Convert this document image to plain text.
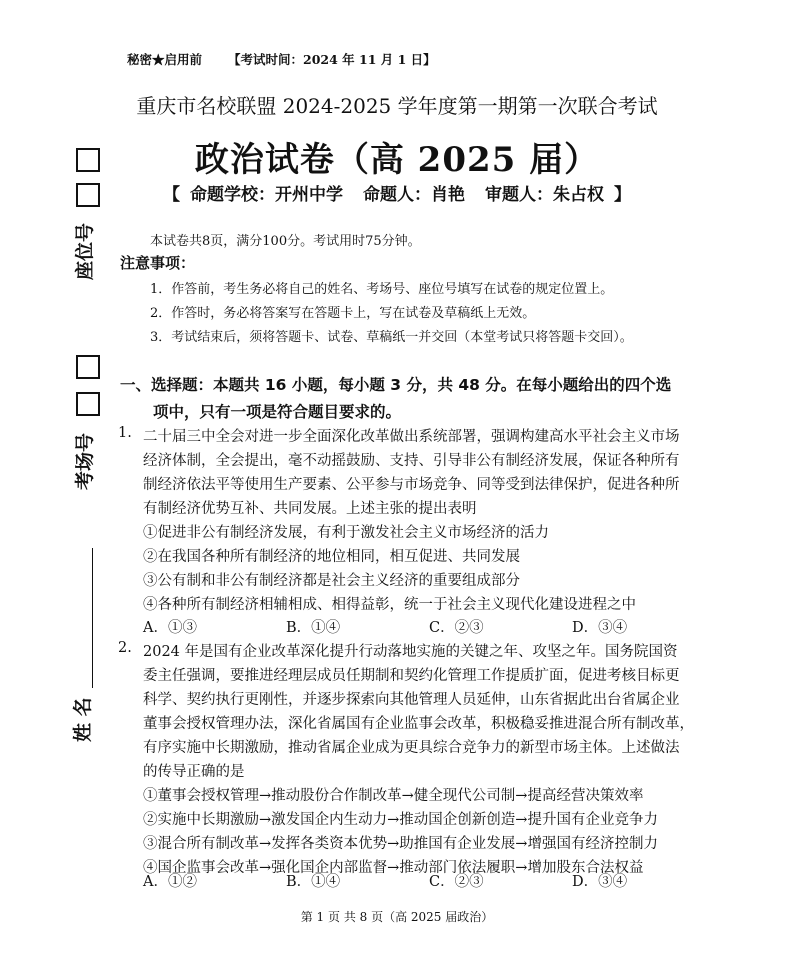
秘密★启用前 【考试时间：2024 年 11 月 1 日】
重庆市名校联盟 2024-2025 学年度第一期第一次联合考试
政治试卷（高 2025 届）
【 命题学校：开州中学 命题人：肖艳 审题人：朱占权 】
本试卷共8页，满分100分。考试用时75分钟。
注意事项：
1．作答前，考生务必将自己的姓名、考场号、座位号填写在试卷的规定位置上。
2．作答时，务必将答案写在答题卡上，写在试卷及草稿纸上无效。
3．考试结束后，须将答题卡、试卷、草稿纸一并交回（本堂考试只将答题卡交回）。
一、选择题：本题共 16 小题，每小题 3 分，共 48 分。在每小题给出的四个选
项中，只有一项是符合题目要求的。
1. 二十届三中全会对进一步全面深化改革做出系统部署，强调构建高水平社会主义市场
经济体制，全会提出，毫不动摇鼓励、支持、引导非公有制经济发展，保证各种所有
制经济依法平等使用生产要素、公平参与市场竞争、同等受到法律保护，促进各种所
有制经济优势互补、共同发展。上述主张的提出表明
①促进非公有制经济发展，有利于激发社会主义市场经济的活力
②在我国各种所有制经济的地位相同，相互促进、共同发展
③公有制和非公有制经济都是社会主义经济的重要组成部分
④各种所有制经济相辅相成、相得益彰，统一于社会主义现代化建设进程之中
A．①③	B．①④	C．②③	D．③④
2. 2024 年是国有企业改革深化提升行动落地实施的关键之年、攻坚之年。国务院国资
委主任强调，要推进经理层成员任期制和契约化管理工作提质扩面，促进考核目标更
科学、契约执行更刚性，并逐步探索向其他管理人员延伸，山东省据此出台省属企业
董事会授权管理办法，深化省属国有企业监事会改革，积极稳妥推进混合所有制改革，
有序实施中长期激励，推动省属企业成为更具综合竞争力的新型市场主体。上述做法
的传导正确的是
①董事会授权管理→推动股份合作制改革→健全现代公司制→提高经营决策效率
②实施中长期激励→激发国企内生动力→推动国企创新创造→提升国有企业竞争力
③混合所有制改革→发挥各类资本优势→助推国有企业发展→增强国有经济控制力
④国企监事会改革→强化国企内部监督→推动部门依法履职→增加股东合法权益
A．①②	B．①④	C．②③	D．③④
第 1 页 共 8 页（高 2025 届政治）
座位号
考场号
姓 名
